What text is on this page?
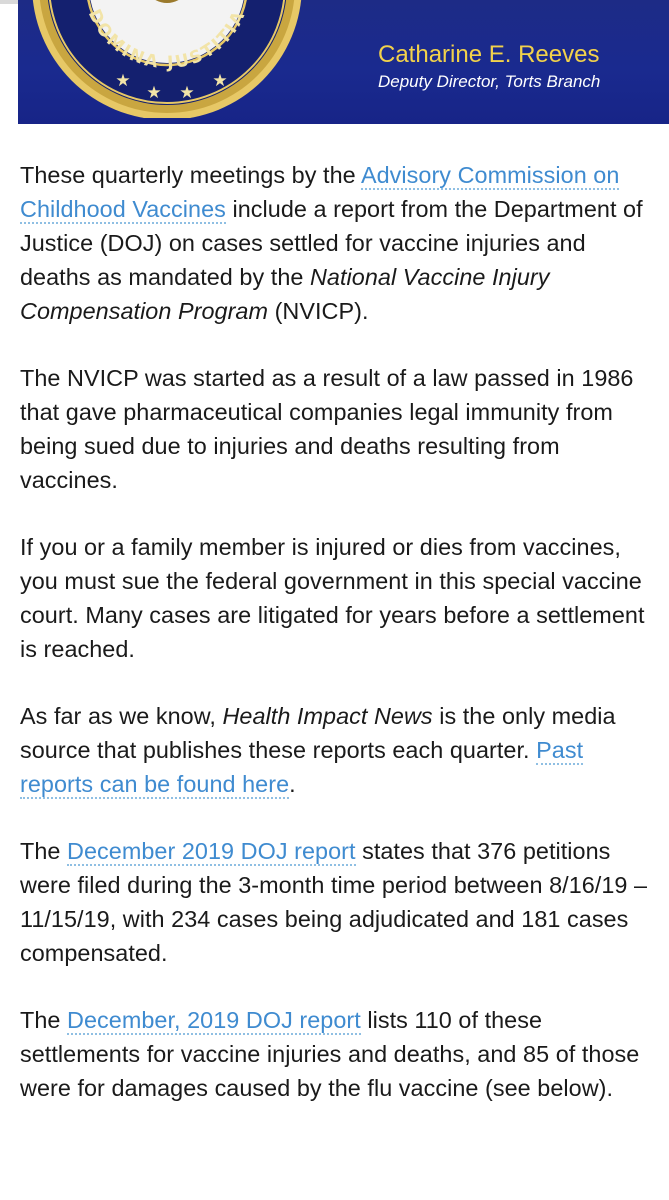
DOMINA JUSTITIA
★ ★
★	★
Catharine E. Reeves
Deputy Director, Torts Branch

These quarterly meetings by the Advisory Commission on Childhood Vaccines include a report from the Department of Justice (DOJ) on cases settled for vaccine injuries and deaths as mandated by the National Vaccine Injury Compensation Program (NVICP).

The NVICP was started as a result of a law passed in 1986 that gave pharmaceutical companies legal immunity from being sued due to injuries and deaths resulting from vaccines.

If you or a family member is injured or dies from vaccines, you must sue the federal government in this special vaccine court. Many cases are litigated for years before a settlement is reached.

As far as we know, Health Impact News is the only media source that publishes these reports each quarter. Past reports can be found here.

The December 2019 DOJ report states that 376 petitions were filed during the 3-month time period between 8/16/19 – 11/15/19, with 234 cases being adjudicated and 181 cases compensated.

The December, 2019 DOJ report lists 110 of these settlements for vaccine injuries and deaths, and 85 of those were for damages caused by the flu vaccine (see below).
